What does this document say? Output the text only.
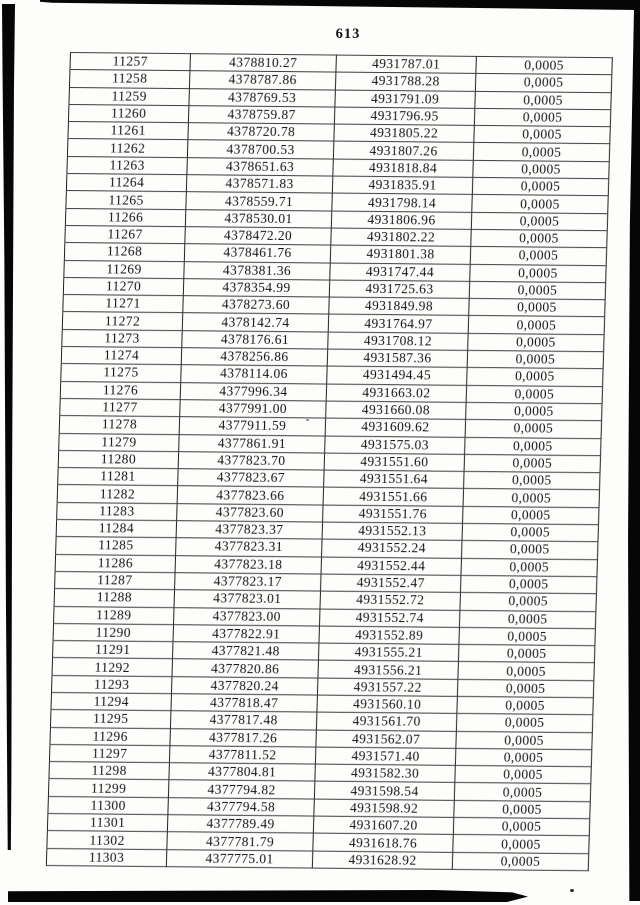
613
11257	4378810.27	4931787.01	0,0005
11258	4378787.86	4931788.28	0,0005
11259	4378769.53	4931791.09	0,0005
11260	4378759.87	4931796.95	0,0005
11261	4378720.78	4931805.22	0,0005
11262	4378700.53	4931807.26	0,0005
11263	4378651.63	4931818.84	0,0005
11264	4378571.83	4931835.91	0,0005
11265	4378559.71	4931798.14	0,0005
11266	4378530.01	4931806.96	0,0005
11267	4378472.20	4931802.22	0,0005
11268	4378461.76	4931801.38	0,0005
11269	4378381.36	4931747.44	0,0005
11270	4378354.99	4931725.63	0,0005
11271	4378273.60	4931849.98	0,0005
11272	4378142.74	4931764.97	0,0005
11273	4378176.61	4931708.12	0,0005
11274	4378256.86	4931587.36	0,0005
11275	4378114.06	4931494.45	0,0005
11276	4377996.34	4931663.02	0,0005
11277	4377991.00	4931660.08	0,0005
11278	4377911.59	4931609.62	0,0005
11279	4377861.91	4931575.03	0,0005
11280	4377823.70	4931551.60	0,0005
11281	4377823.67	4931551.64	0,0005
11282	4377823.66	4931551.66	0,0005
11283	4377823.60	4931551.76	0,0005
11284	4377823.37	4931552.13	0,0005
11285	4377823.31	4931552.24	0,0005
11286	4377823.18	4931552.44	0,0005
11287	4377823.17	4931552.47	0,0005
11288	4377823.01	4931552.72	0,0005
11289	4377823.00	4931552.74	0,0005
11290	4377822.91	4931552.89	0,0005
11291	4377821.48	4931555.21	0,0005
11292	4377820.86	4931556.21	0,0005
11293	4377820.24	4931557.22	0,0005
11294	4377818.47	4931560.10	0,0005
11295	4377817.48	4931561.70	0,0005
11296	4377817.26	4931562.07	0,0005
11297	4377811.52	4931571.40	0,0005
11298	4377804.81	4931582.30	0,0005
11299	4377794.82	4931598.54	0,0005
11300	4377794.58	4931598.92	0,0005
11301	4377789.49	4931607.20	0,0005
11302	4377781.79	4931618.76	0,0005
11303	4377775.01	4931628.92	0,0005
